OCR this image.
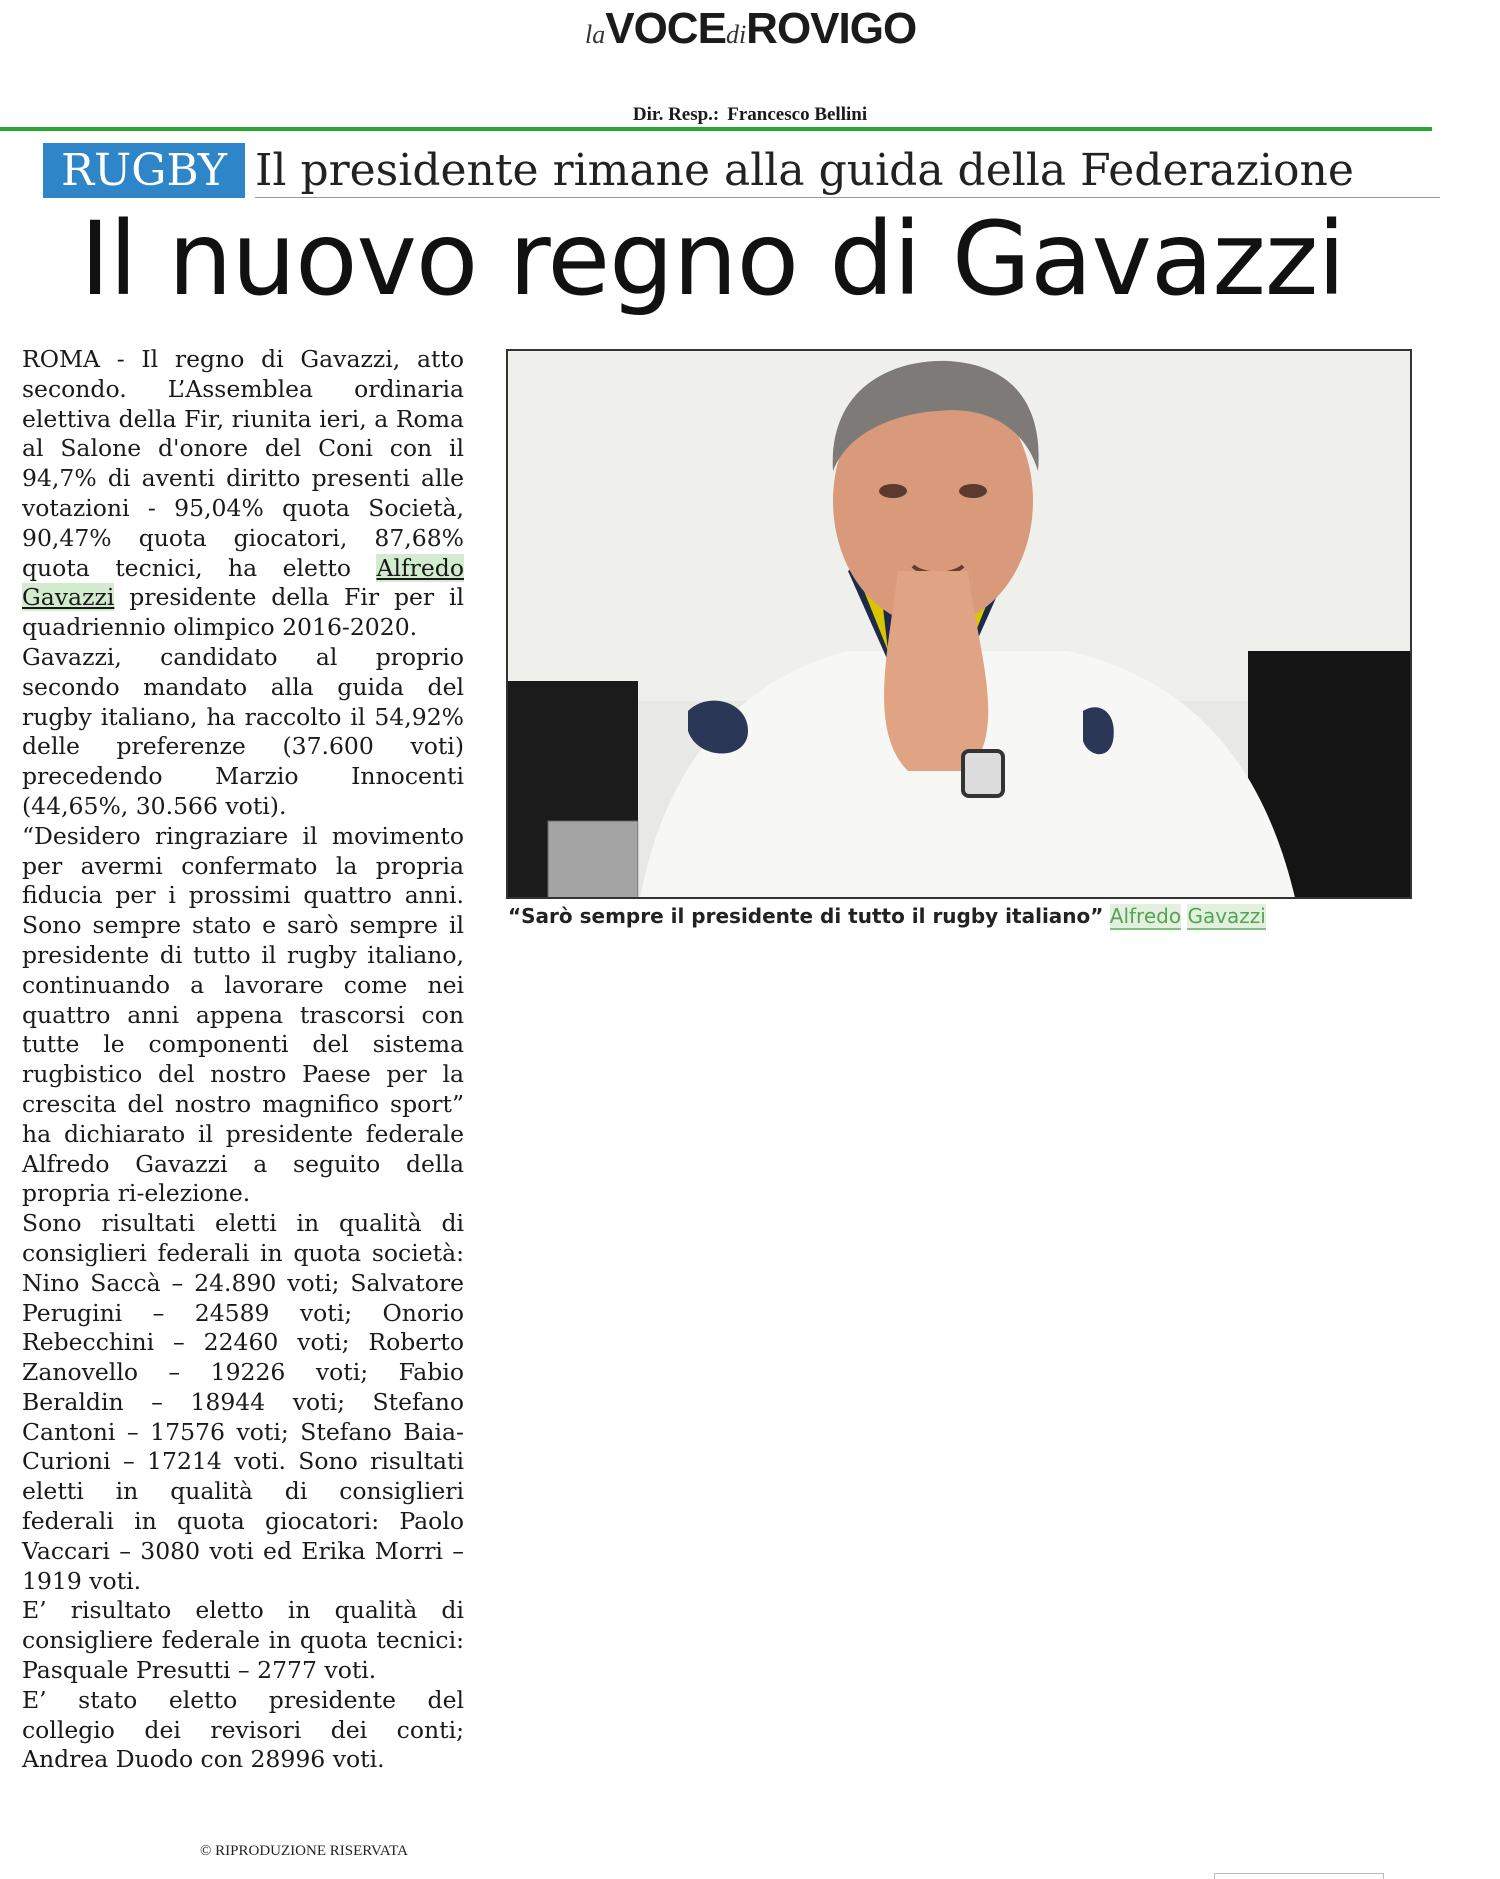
laVOCEdiROVIGO
Dir. Resp.: Francesco Bellini
RUGBY Il presidente rimane alla guida della Federazione
Il nuovo regno di Gavazzi

ROMA - Il regno di Gavazzi, atto secondo. L’Assemblea ordinaria elettiva della Fir, riunita ieri, a Roma al Salone d'onore del Coni con il 94,7% di aventi diritto presenti alle votazioni - 95,04% quota Società, 90,47% quota giocatori, 87,68% quota tecnici, ha eletto Alfredo Gavazzi presidente della Fir per il quadriennio olimpico 2016-2020.

Gavazzi, candidato al proprio secondo mandato alla guida del rugby italiano, ha raccolto il 54,92% delle preferenze (37.600 voti) precedendo Marzio Innocenti (44,65%, 30.566 voti).

“Desidero ringraziare il movimento per avermi confermato la propria fiducia per i prossimi quattro anni. Sono sempre stato e sarò sempre il presidente di tutto il rugby italiano, continuando a lavorare come nei quattro anni appena trascorsi con tutte le componenti del sistema rugbistico del nostro Paese per la crescita del nostro magnifico sport” ha dichiarato il presidente federale Alfredo Gavazzi a seguito della propria ri-elezione.

Sono risultati eletti in qualità di consiglieri federali in quota società: Nino Saccà – 24.890 voti; Salvatore Perugini – 24589 voti; Onorio Rebecchini – 22460 voti; Roberto Zanovello – 19226 voti; Fabio Beraldin – 18944 voti; Stefano Cantoni – 17576 voti; Stefano Baia-Curioni – 17214 voti. Sono risultati eletti in qualità di consiglieri federali in quota giocatori: Paolo Vaccari – 3080 voti ed Erika Morri – 1919 voti.

E’ risultato eletto in qualità di consigliere federale in quota tecnici: Pasquale Presutti – 2777 voti.

E’ stato eletto presidente del collegio dei revisori dei conti; Andrea Duodo con 28996 voti.

© RIPRODUZIONE RISERVATA
“Sarò sempre il presidente di tutto il rugby italiano” Alfredo Gavazzi
